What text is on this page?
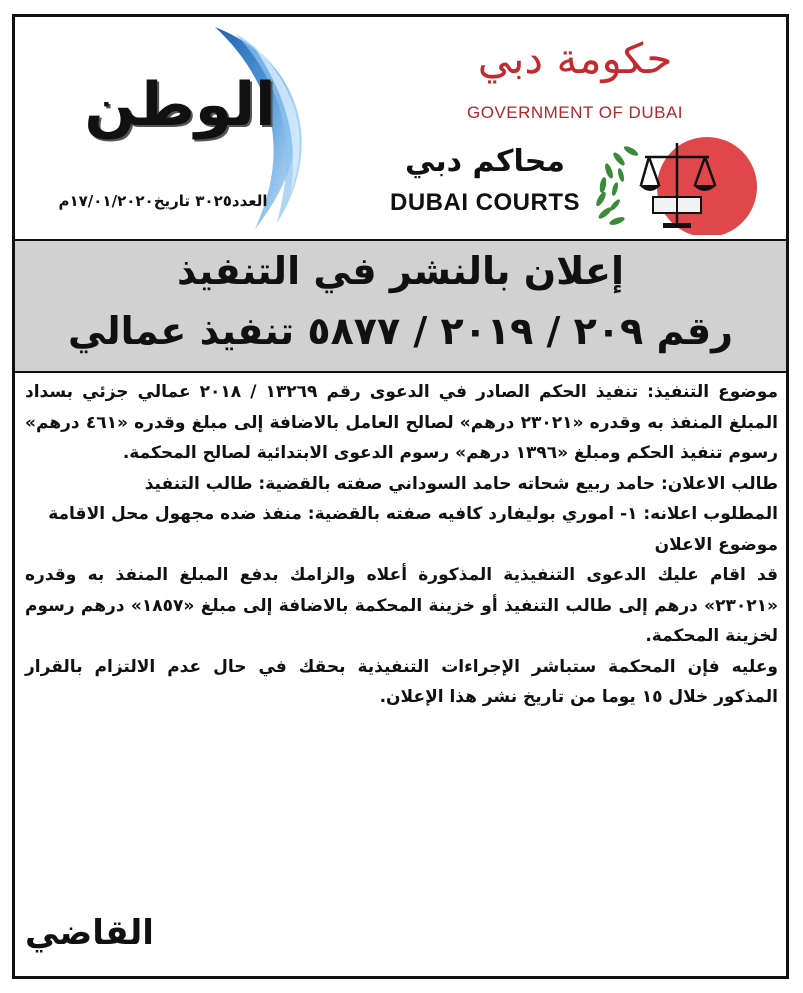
الوطن
العدد٣٠٢٥ تاريخ١٧/٠١/٢٠٢٠م
حكومة دبي
GOVERNMENT OF DUBAI
محاكم دبي
DUBAI COURTS
إعلان بالنشر في التنفيذ
رقم ٢٠٩ / ٢٠١٩ / ٥٨٧٧ تنفيذ عمالي

موضوع التنفيذ: تنفيذ الحكم الصادر في الدعوى رقم ١٣٢٦٩ / ٢٠١٨ عمالي جزئي بسداد المبلغ المنفذ به وقدره «٢٣٠٢١ درهم» لصالح العامل بالاضافة إلى مبلغ وقدره «٤٦١ درهم» رسوم تنفيذ الحكم ومبلغ «١٣٩٦ درهم» رسوم الدعوى الابتدائية لصالح المحكمة.

طالب الاعلان: حامد ربيع شحاته حامد السوداني صفته بالقضية: طالب التنفيذ

المطلوب اعلانه: ١- اموري بوليفارد كافيه صفته بالقضية: منفذ ضده مجهول محل الاقامة

موضوع الاعلان

قد اقام عليك الدعوى التنفيذية المذكورة أعلاه والزامك بدفع المبلغ المنفذ به وقدره «٢٣٠٢١» درهم إلى طالب التنفيذ أو خزينة المحكمة بالاضافة إلى مبلغ «١٨٥٧» درهم رسوم لخزينة المحكمة.

وعليه فإن المحكمة ستباشر الإجراءات التنفيذية بحقك في حال عدم الالتزام بالقرار المذكور خلال ١٥ يوما من تاريخ نشر هذا الإعلان.

القاضي
